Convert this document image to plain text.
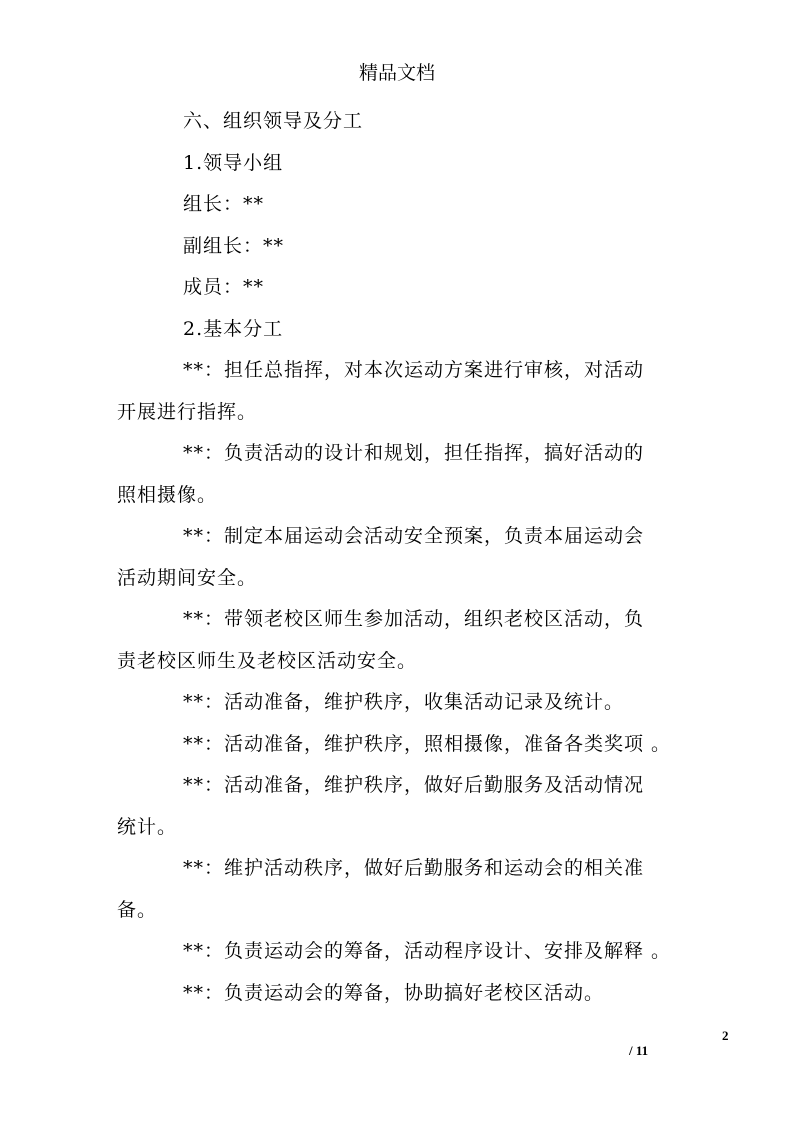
精品文档
六、组织领导及分工
1.领导小组
组长：**
副组长：**
成员：**
2.基本分工
**：担任总指挥，对本次运动方案进行审核，对活动
开展进行指挥。
**：负责活动的设计和规划，担任指挥，搞好活动的
照相摄像。
**：制定本届运动会活动安全预案，负责本届运动会
活动期间安全。
**：带领老校区师生参加活动，组织老校区活动，负
责老校区师生及老校区活动安全。
**：活动准备，维护秩序，收集活动记录及统计。
**：活动准备，维护秩序，照相摄像，准备各类奖项 。
**：活动准备，维护秩序，做好后勤服务及活动情况
统计。
**：维护活动秩序，做好后勤服务和运动会的相关准
备。
**：负责运动会的筹备，活动程序设计、安排及解释 。
**：负责运动会的筹备，协助搞好老校区活动。
2
/ 11
